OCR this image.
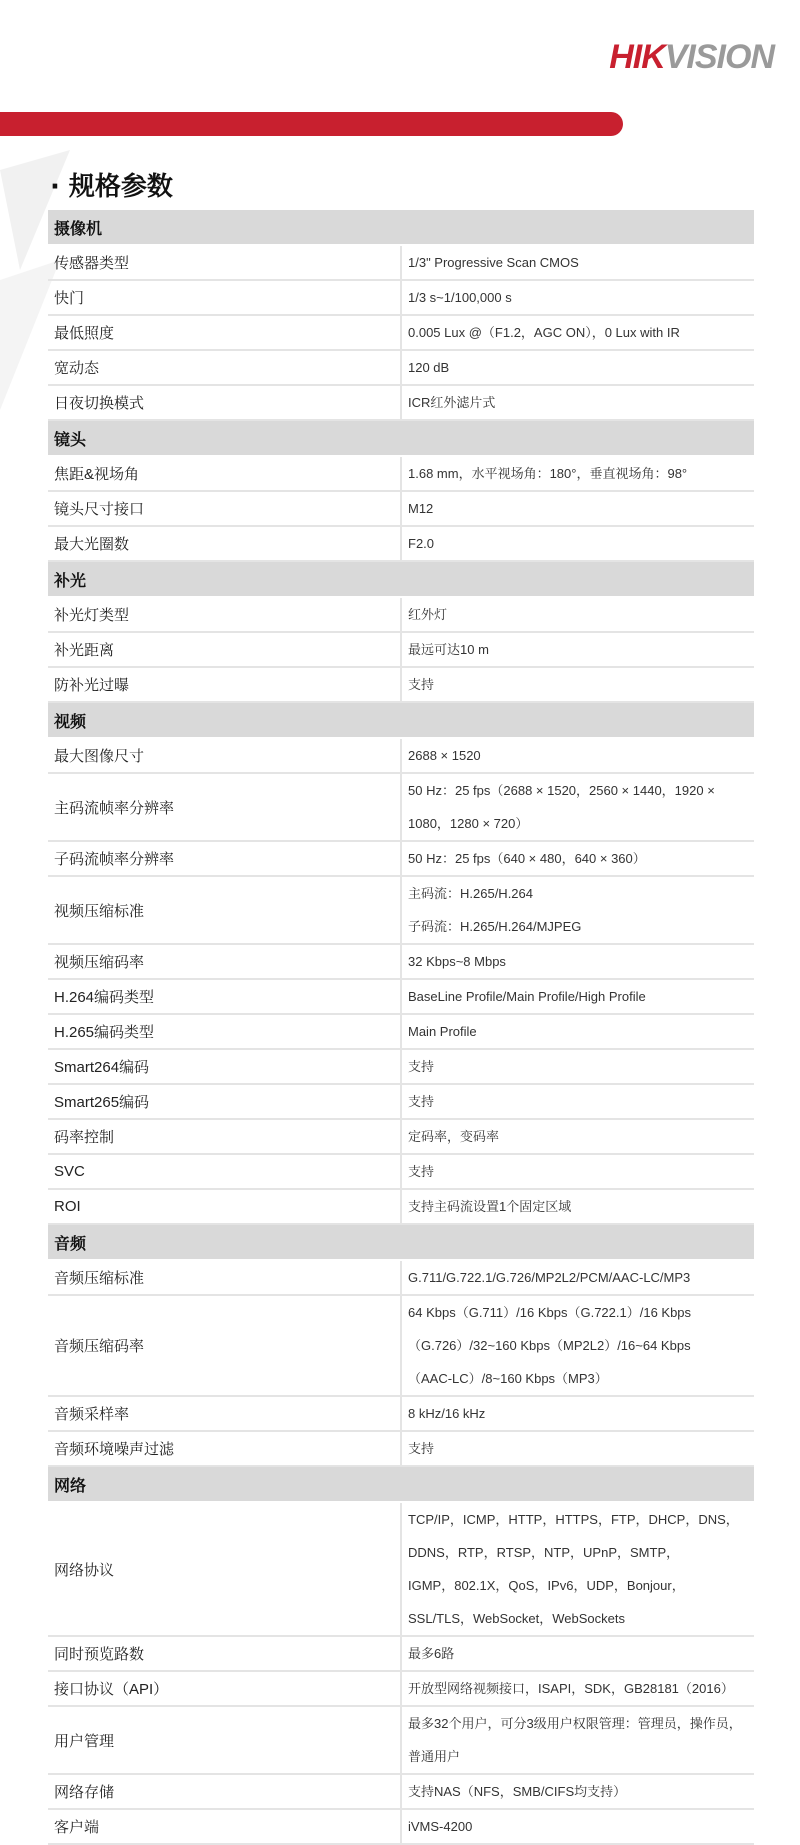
HIKVISION
· 规格参数
摄像机	
传感器类型	1/3" Progressive Scan CMOS

快门	1/3 s~1/100,000 s

最低照度	0.005 Lux @（F1.2，AGC ON），0 Lux with IR

宽动态	120 dB

日夜切换模式	ICR红外滤片式

镜头	
焦距&视场角	1.68 mm，水平视场角：180°，垂直视场角：98°

镜头尺寸接口	M12

最大光圈数	F2.0

补光	
补光灯类型	红外灯

补光距离	最远可达10 m

防补光过曝	支持

视频	
最大图像尺寸	2688 × 1520

主码流帧率分辨率	50 Hz：25 fps（2688 × 1520，2560 × 1440，1920 × 1080，1280 × 720）

子码流帧率分辨率	50 Hz：25 fps（640 × 480，640 × 360）

视频压缩标准	主码流：H.265/H.264
子码流：H.265/H.264/MJPEG

视频压缩码率	32 Kbps~8 Mbps

H.264编码类型	BaseLine Profile/Main Profile/High Profile

H.265编码类型	Main Profile

Smart264编码	支持

Smart265编码	支持

码率控制	定码率，变码率

SVC	支持

ROI	支持主码流设置1个固定区域

音频	
音频压缩标准	G.711/G.722.1/G.726/MP2L2/PCM/AAC-LC/MP3

音频压缩码率	64 Kbps（G.711）/16 Kbps（G.722.1）/16 Kbps（G.726）/32~160 Kbps（MP2L2）/16~64 Kbps
（AAC-LC）/8~160 Kbps（MP3）

音频采样率	8 kHz/16 kHz

音频环境噪声过滤	支持

网络	
网络协议	TCP/IP，ICMP，HTTP，HTTPS，FTP，DHCP，DNS，DDNS，RTP，RTSP，NTP，UPnP，SMTP，
IGMP，802.1X，QoS，IPv6，UDP，Bonjour，SSL/TLS，WebSocket，WebSockets

同时预览路数	最多6路

接口协议（API）	开放型网络视频接口，ISAPI，SDK，GB28181（2016）

用户管理	最多32个用户，可分3级用户权限管理：管理员，操作员，普通用户

网络存储	支持NAS（NFS，SMB/CIFS均支持）

客户端	iVMS-4200
